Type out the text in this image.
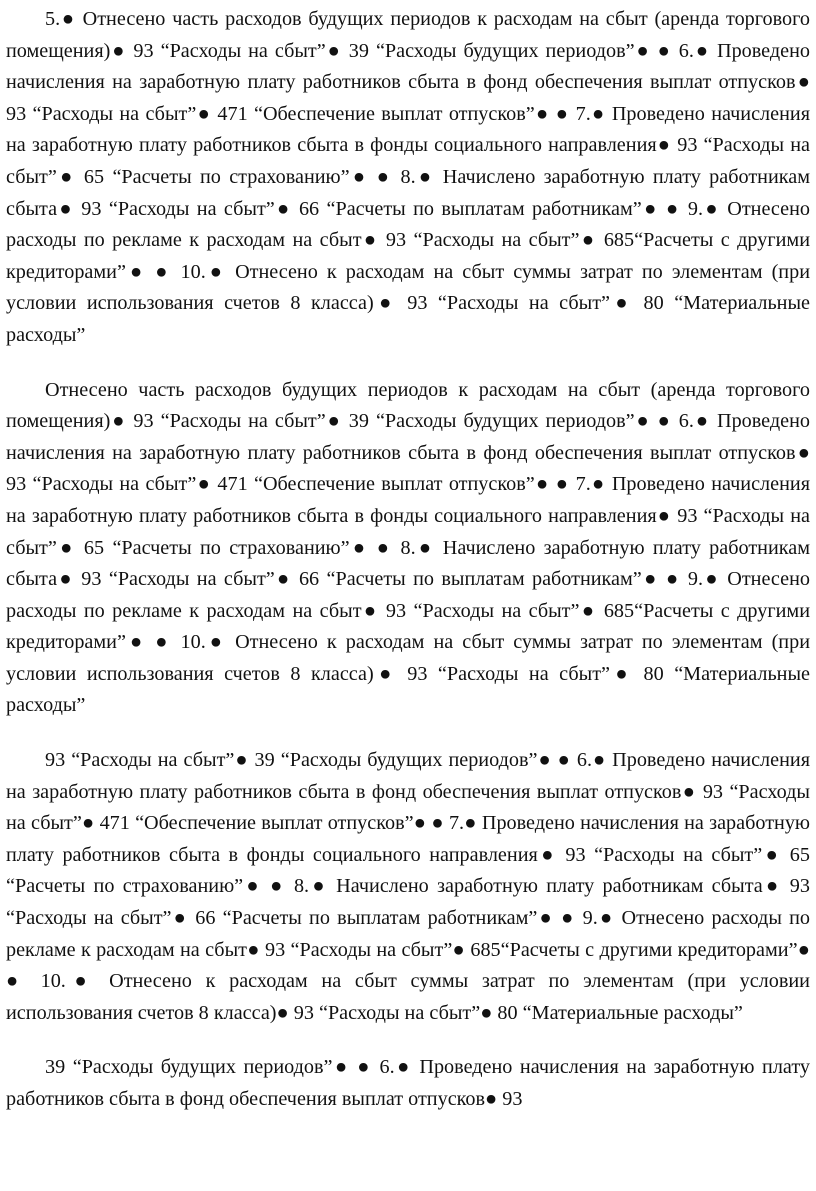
5.● Отнесено часть расходов будущих периодов к расходам на сбыт (аренда торгового помещения)● 93 “Расходы на сбыт”● 39 “Расходы будущих периодов”● ● 6.● Проведено начисления на заработную плату работников сбыта в фонд обеспечения выплат отпусков● 93 “Расходы на сбыт”● 471 “Обеспечение выплат отпусков”● ● 7.● Проведено начисления на заработную плату работников сбыта в фонды социального направления● 93 “Расходы на сбыт”● 65 “Расчеты по страхованию”● ● 8.● Начислено заработную плату работникам сбыта● 93 “Расходы на сбыт”● 66 “Расчеты по выплатам работникам”● ● 9.● Отнесено расходы по рекламе к расходам на сбыт● 93 “Расходы на сбыт”● 685“Расчеты с другими кредиторами”● ● 10.● Отнесено к расходам на сбыт суммы затрат по элементам (при условии использования счетов 8 класса)● 93 “Расходы на сбыт”● 80 “Материальные расходы”

Отнесено часть расходов будущих периодов к расходам на сбыт (аренда торгового помещения)● 93 “Расходы на сбыт”● 39 “Расходы будущих периодов”● ● 6.● Проведено начисления на заработную плату работников сбыта в фонд обеспечения выплат отпусков● 93 “Расходы на сбыт”● 471 “Обеспечение выплат отпусков”● ● 7.● Проведено начисления на заработную плату работников сбыта в фонды социального направления● 93 “Расходы на сбыт”● 65 “Расчеты по страхованию”● ● 8.● Начислено заработную плату работникам сбыта● 93 “Расходы на сбыт”● 66 “Расчеты по выплатам работникам”● ● 9.● Отнесено расходы по рекламе к расходам на сбыт● 93 “Расходы на сбыт”● 685“Расчеты с другими кредиторами”● ● 10.● Отнесено к расходам на сбыт суммы затрат по элементам (при условии использования счетов 8 класса)● 93 “Расходы на сбыт”● 80 “Материальные расходы”

93 “Расходы на сбыт”● 39 “Расходы будущих периодов”● ● 6.● Проведено начисления на заработную плату работников сбыта в фонд обеспечения выплат отпусков● 93 “Расходы на сбыт”● 471 “Обеспечение выплат отпусков”● ● 7.● Проведено начисления на заработную плату работников сбыта в фонды социального направления● 93 “Расходы на сбыт”● 65 “Расчеты по страхованию”● ● 8.● Начислено заработную плату работникам сбыта● 93 “Расходы на сбыт”● 66 “Расчеты по выплатам работникам”● ● 9.● Отнесено расходы по рекламе к расходам на сбыт● 93 “Расходы на сбыт”● 685“Расчеты с другими кредиторами”● ● 10.● Отнесено к расходам на сбыт суммы затрат по элементам (при условии использования счетов 8 класса)● 93 “Расходы на сбыт”● 80 “Материальные расходы”

39 “Расходы будущих периодов”● ● 6.● Проведено начисления на заработную плату работников сбыта в фонд обеспечения выплат отпусков● 93
